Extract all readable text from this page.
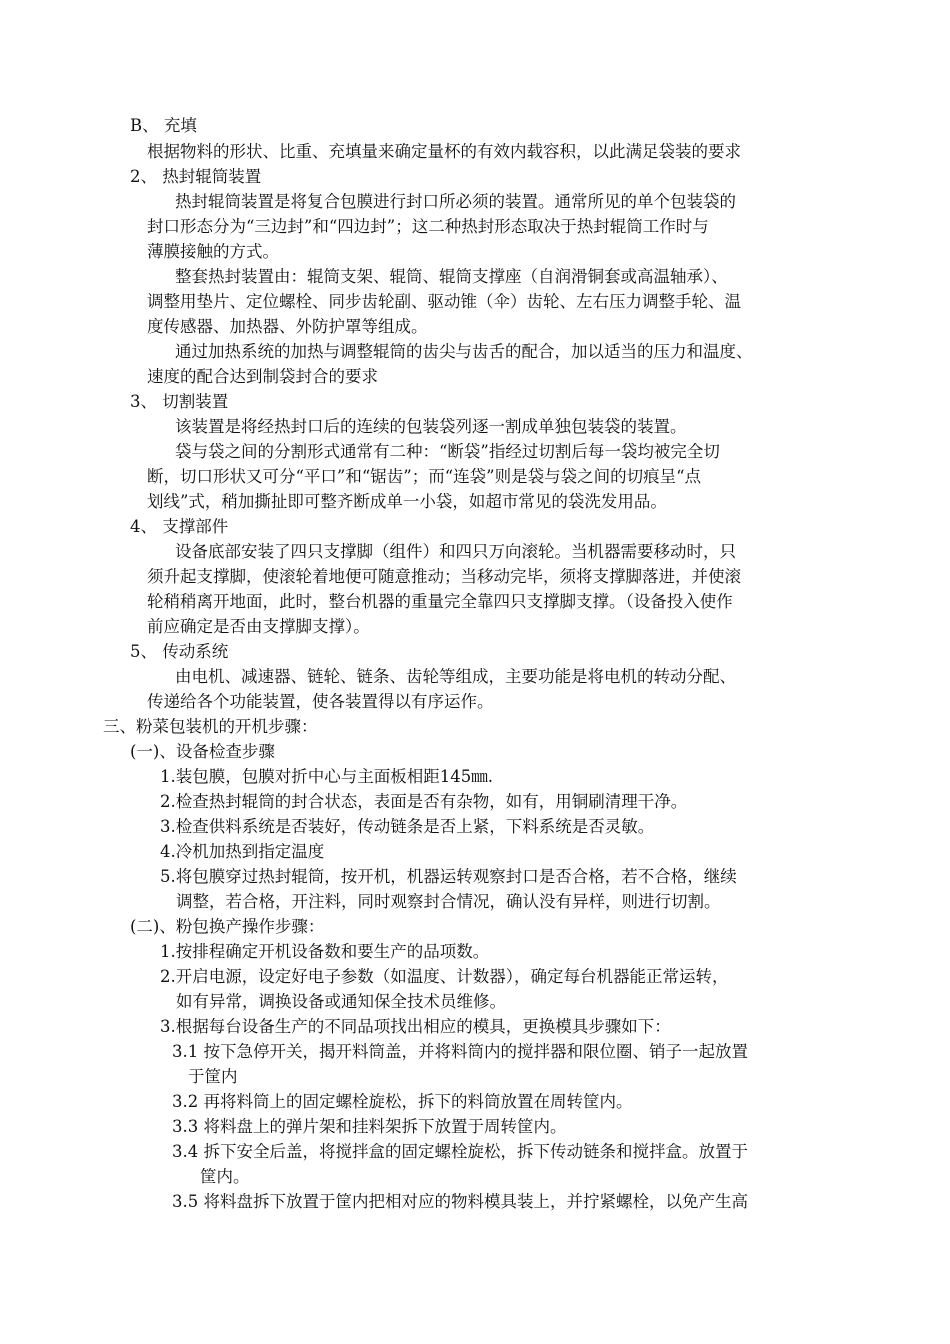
B、 充填
根据物料的形状、比重、充填量来确定量杯的有效内载容积，以此满足袋装的要求
2、 热封辊筒装置
热封辊筒装置是将复合包膜进行封口所必须的装置。通常所见的单个包装袋的
封口形态分为“三边封”和“四边封”；这二种热封形态取决于热封辊筒工作时与
薄膜接触的方式。
整套热封装置由：辊筒支架、辊筒、辊筒支撑座（自润滑铜套或高温轴承）、
调整用垫片、定位螺栓、同步齿轮副、驱动锥（伞）齿轮、左右压力调整手轮、温
度传感器、加热器、外防护罩等组成。
通过加热系统的加热与调整辊筒的齿尖与齿舌的配合，加以适当的压力和温度、
速度的配合达到制袋封合的要求
3、 切割装置
该装置是将经热封口后的连续的包装袋列逐一割成单独包装袋的装置。
袋与袋之间的分割形式通常有二种：“断袋”指经过切割后每一袋均被完全切
断，切口形状又可分“平口”和“锯齿”；而“连袋”则是袋与袋之间的切痕呈“点
划线”式，稍加撕扯即可整齐断成单一小袋，如超市常见的袋洗发用品。
4、 支撑部件
设备底部安装了四只支撑脚（组件）和四只万向滚轮。当机器需要移动时，只
须升起支撑脚，使滚轮着地便可随意推动；当移动完毕，须将支撑脚落进，并使滚
轮稍稍离开地面，此时，整台机器的重量完全靠四只支撑脚支撑。（设备投入使作
前应确定是否由支撑脚支撑）。
5、 传动系统
由电机、减速器、链轮、链条、齿轮等组成，主要功能是将电机的转动分配、
传递给各个功能装置，使各装置得以有序运作。
三、粉菜包装机的开机步骤：
(一)、设备检查步骤
1.装包膜，包膜对折中心与主面板相距145㎜.
2.检查热封辊筒的封合状态，表面是否有杂物，如有，用铜刷清理干净。
3.检查供料系统是否装好，传动链条是否上紧，下料系统是否灵敏。
4.冷机加热到指定温度
5.将包膜穿过热封辊筒，按开机，机器运转观察封口是否合格，若不合格，继续
调整，若合格，开注料，同时观察封合情况，确认没有异样，则进行切割。
(二)、粉包换产操作步骤：
1.按排程确定开机设备数和要生产的品项数。
2.开启电源，设定好电子参数（如温度、计数器），确定每台机器能正常运转，
如有异常，调换设备或通知保全技术员维修。
3.根据每台设备生产的不同品项找出相应的模具，更换模具步骤如下：
3.1 按下急停开关，揭开料筒盖，并将料筒内的搅拌器和限位圈、销子一起放置
于筐内
3.2 再将料筒上的固定螺栓旋松，拆下的料筒放置在周转筐内。
3.3 将料盘上的弹片架和挂料架拆下放置于周转筐内。
3.4 拆下安全后盖，将搅拌盒的固定螺栓旋松，拆下传动链条和搅拌盒。放置于
筐内。
3.5 将料盘拆下放置于筐内把相对应的物料模具装上，并拧紧螺栓，以免产生高
